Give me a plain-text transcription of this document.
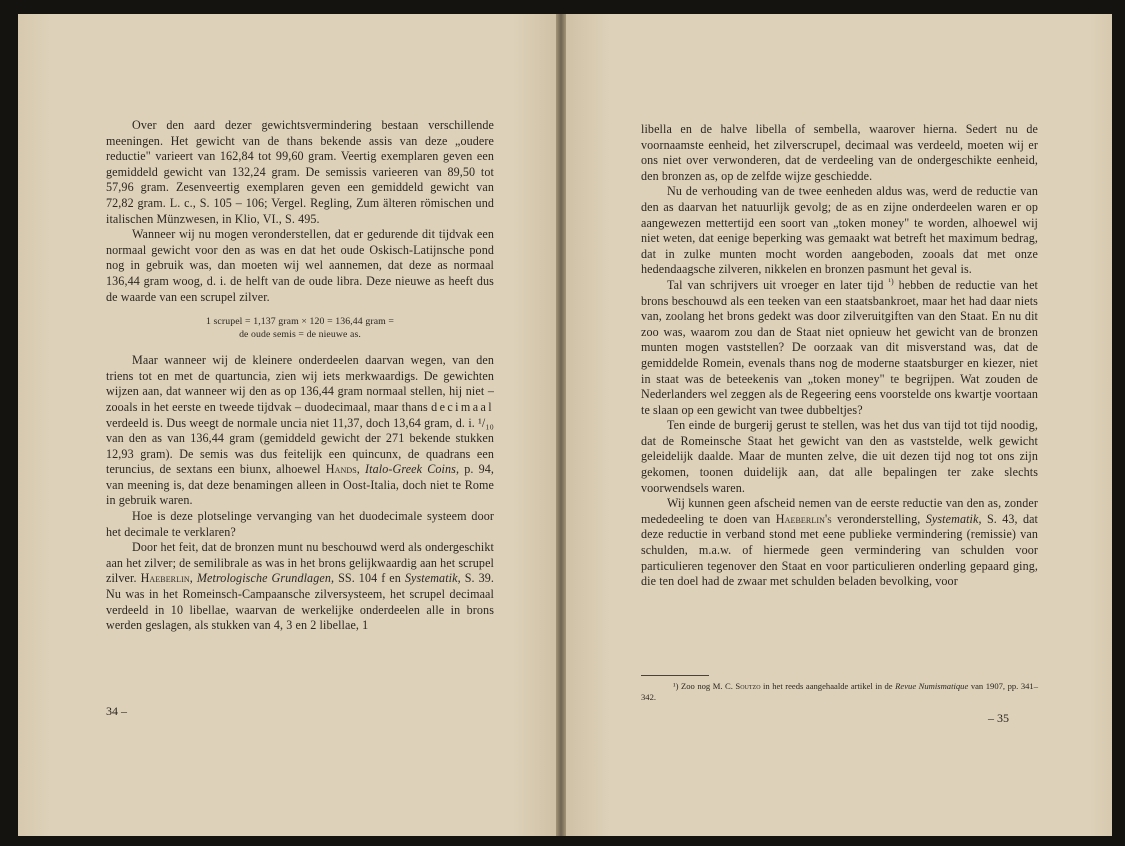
Over den aard dezer gewichtsvermindering bestaan verschillende meeningen. Het gewicht van de thans bekende assis van deze „oudere reductie" varieert van 162,84 tot 99,60 gram. Veertig exemplaren geven een gemiddeld gewicht van 132,24 gram. De semissis varieeren van 89,50 tot 57,96 gram. Zesenveertig exemplaren geven een gemiddeld gewicht van 72,82 gram. L. c., S. 105 – 106; Vergel. Regling, Zum älteren römischen und italischen Münzwesen, in Klio, VI., S. 495.

Wanneer wij nu mogen veronderstellen, dat er gedurende dit tijdvak een normaal gewicht voor den as was en dat het oude Oskisch-Latijnsche pond nog in gebruik was, dan moeten wij wel aannemen, dat deze as normaal 136,44 gram woog, d. i. de helft van de oude libra. Deze nieuwe as heeft dus de waarde van een scrupel zilver.

1 scrupel = 1,137 gram × 120 = 136,44 gram =
de oude semis = de nieuwe as.

Maar wanneer wij de kleinere onderdeelen daarvan wegen, van den triens tot en met de quartuncia, zien wij iets merkwaardigs. De gewichten wijzen aan, dat wanneer wij den as op 136,44 gram normaal stellen, hij niet – zooals in het eerste en tweede tijdvak – duodecimaal, maar thans decimaal verdeeld is. Dus weegt de normale uncia niet 11,37, doch 13,64 gram, d. i. ¹/₁₀ van den as van 136,44 gram (gemiddeld gewicht der 271 bekende stukken 12,93 gram). De semis was dus feitelijk een quincunx, de quadrans een teruncius, de sextans een biunx, alhoewel Hands, Italo-Greek Coins, p. 94, van meening is, dat deze benamingen alleen in Oost-Italia, doch niet te Rome in gebruik waren.

Hoe is deze plotselinge vervanging van het duodecimale systeem door het decimale te verklaren?

Door het feit, dat de bronzen munt nu beschouwd werd als ondergeschikt aan het zilver; de semilibrale as was in het brons gelijkwaardig aan het scrupel zilver. Haeberlin, Metrologische Grundlagen, SS. 104 f en Systematik, S. 39. Nu was in het Romeinsch-Campaansche zilversysteem, het scrupel decimaal verdeeld in 10 libellae, waarvan de werkelijke onderdeelen alle in brons werden geslagen, als stukken van 4, 3 en 2 libellae, 1

34 –

libella en de halve libella of sembella, waarover hierna. Sedert nu de voornaamste eenheid, het zilverscrupel, decimaal was verdeeld, moeten wij er ons niet over verwonderen, dat de verdeeling van de ondergeschikte eenheid, den bronzen as, op de zelfde wijze geschiedde.

Nu de verhouding van de twee eenheden aldus was, werd de reductie van den as daarvan het natuurlijk gevolg; de as en zijne onderdeelen waren er op aangewezen mettertijd een soort van „token money" te worden, alhoewel wij niet weten, dat eenige beperking was gemaakt wat betreft het maximum bedrag, dat in zulke munten mocht worden aangeboden, zooals dat met onze hedendaagsche zilveren, nikkelen en bronzen pasmunt het geval is.

Tal van schrijvers uit vroeger en later tijd $^{^1)}$ hebben de reductie van het brons beschouwd als een teeken van een staatsbankroet, maar het had daar niets van, zoolang het brons gedekt was door zilveruitgiften van den Staat. En nu dit zoo was, waarom zou dan de Staat niet opnieuw het gewicht van de bronzen munten mogen vaststellen? De oorzaak van dit misverstand was, dat de gemiddelde Romein, evenals thans nog de moderne staatsburger en kiezer, niet in staat was de beteekenis van „token money" te begrijpen. Wat zouden de Nederlanders wel zeggen als de Regeering eens voorstelde ons kwartje voortaan te slaan op een gewicht van twee dubbeltjes?

Ten einde de burgerij gerust te stellen, was het dus van tijd tot tijd noodig, dat de Romeinsche Staat het gewicht van den as vaststelde, welk gewicht geleidelijk daalde. Maar de munten zelve, die uit dezen tijd nog tot ons zijn gekomen, toonen duidelijk aan, dat alle bepalingen ter zake slechts voorwendsels waren.

Wij kunnen geen afscheid nemen van de eerste reductie van den as, zonder mededeeling te doen van Haeberlin's veronderstelling, Systematik, S. 43, dat deze reductie in verband stond met eene publieke vermindering (remissie) van schulden, m.a.w. of hiermede geen vermindering van schulden voor particulieren tegenover den Staat en voor particulieren onderling gepaard ging, die ten doel had de zwaar met schulden beladen bevolking, voor

¹) Zoo nog M. C. Soutzo in het reeds aangehaalde artikel in de Revue Numismatique van 1907, pp. 341–342.
– 35
